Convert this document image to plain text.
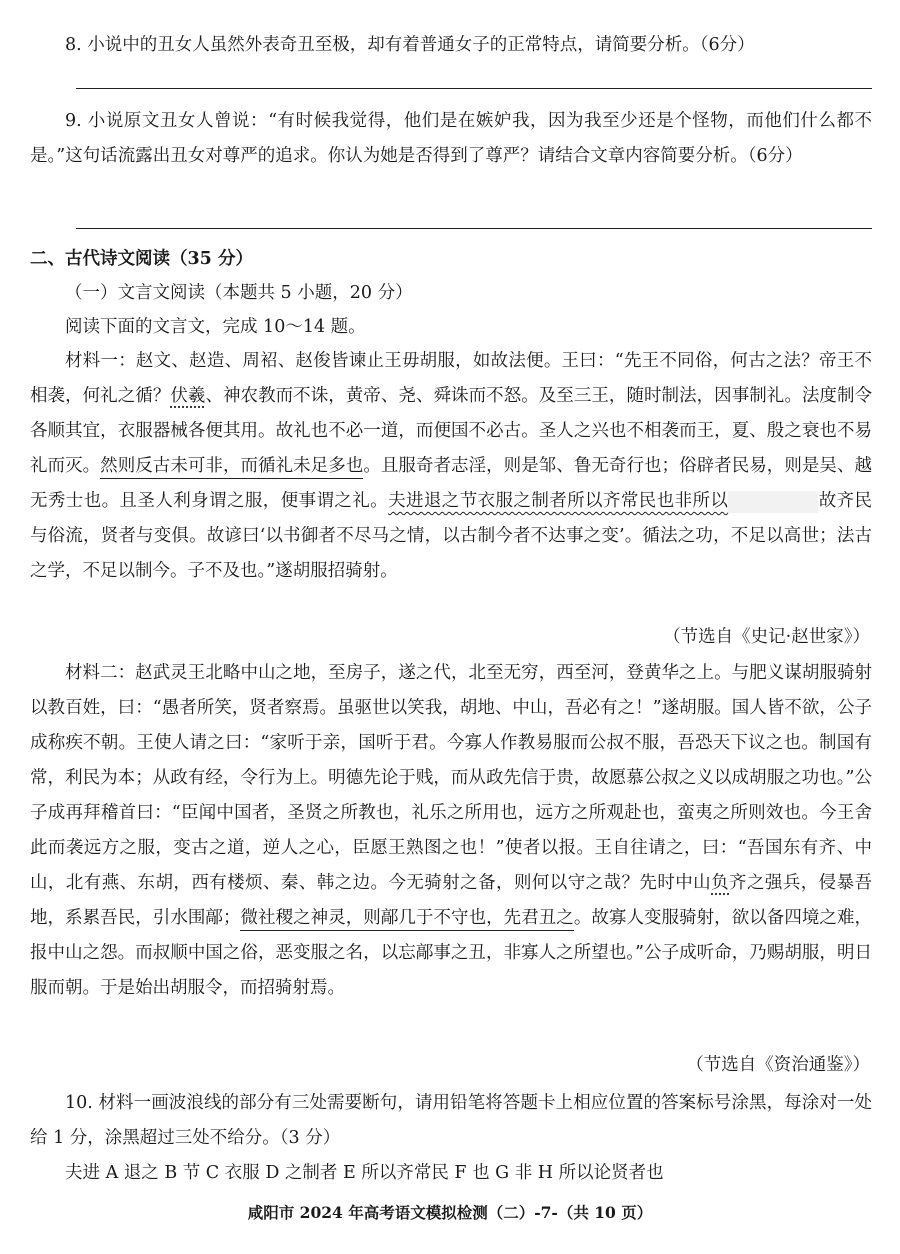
8. 小说中的丑女人虽然外表奇丑至极，却有着普通女子的正常特点，请简要分析。（6分）

9. 小说原文丑女人曾说：“有时候我觉得，他们是在嫉妒我，因为我至少还是个怪物，而他们什么都不是。”这句话流露出丑女对尊严的追求。你认为她是否得到了尊严？请结合文章内容简要分析。（6分）

二、古代诗文阅读（35 分）

（一）文言文阅读（本题共 5 小题，20 分）

阅读下面的文言文，完成 10～14 题。

材料一：赵文、赵造、周袑、赵俊皆谏止王毋胡服，如故法便。王曰：“先王不同俗，何古之法？帝王不相袭，何礼之循？伏羲、神农教而不诛，黄帝、尧、舜诛而不怒。及至三王，随时制法，因事制礼。法度制令各顺其宜，衣服器械各便其用。故礼也不必一道，而便国不必古。圣人之兴也不相袭而王，夏、殷之衰也不易礼而灭。然则反古未可非，而循礼未足多也。且服奇者志淫，则是邹、鲁无奇行也；俗辟者民易，则是吴、越无秀士也。且圣人利身谓之服，便事谓之礼。夫进退之节衣服之制者所以齐常民也非所以	故齐民与俗流，贤者与变俱。故谚曰‘以书御者不尽马之情，以古制今者不达事之变’。循法之功，不足以高世；法古之学，不足以制今。子不及也。”遂胡服招骑射。

（节选自《史记·赵世家》）

材料二：赵武灵王北略中山之地，至房子，遂之代，北至无穷，西至河，登黄华之上。与肥义谋胡服骑射以教百姓，曰：“愚者所笑，贤者察焉。虽驱世以笑我，胡地、中山，吾必有之！”遂胡服。国人皆不欲，公子成称疾不朝。王使人请之曰：“家听于亲，国听于君。今寡人作教易服而公叔不服，吾恐天下议之也。制国有常，利民为本；从政有经，令行为上。明德先论于贱，而从政先信于贵，故愿慕公叔之义以成胡服之功也。”公子成再拜稽首曰：“臣闻中国者，圣贤之所教也，礼乐之所用也，远方之所观赴也，蛮夷之所则效也。今王舍此而袭远方之服，变古之道，逆人之心，臣愿王熟图之也！”使者以报。王自往请之，曰：“吾国东有齐、中山，北有燕、东胡，西有楼烦、秦、韩之边。今无骑射之备，则何以守之哉？先时中山负齐之强兵，侵暴吾地，系累吾民，引水围鄗；微社稷之神灵，则鄗几于不守也，先君丑之。故寡人变服骑射，欲以备四境之难，报中山之怨。而叔顺中国之俗，恶变服之名，以忘鄗事之丑，非寡人之所望也。”公子成听命，乃赐胡服，明日服而朝。于是始出胡服令，而招骑射焉。

（节选自《资治通鉴》）

10. 材料一画波浪线的部分有三处需要断句，请用铅笔将答题卡上相应位置的答案标号涂黑，每涂对一处给 1 分，涂黑超过三处不给分。（3 分）

夫进 A 退之 B 节 C 衣服 D 之制者 E 所以齐常民 F 也 G 非 H 所以论贤者也

咸阳市 2024 年高考语文模拟检测（二）-7-（共 10 页）
